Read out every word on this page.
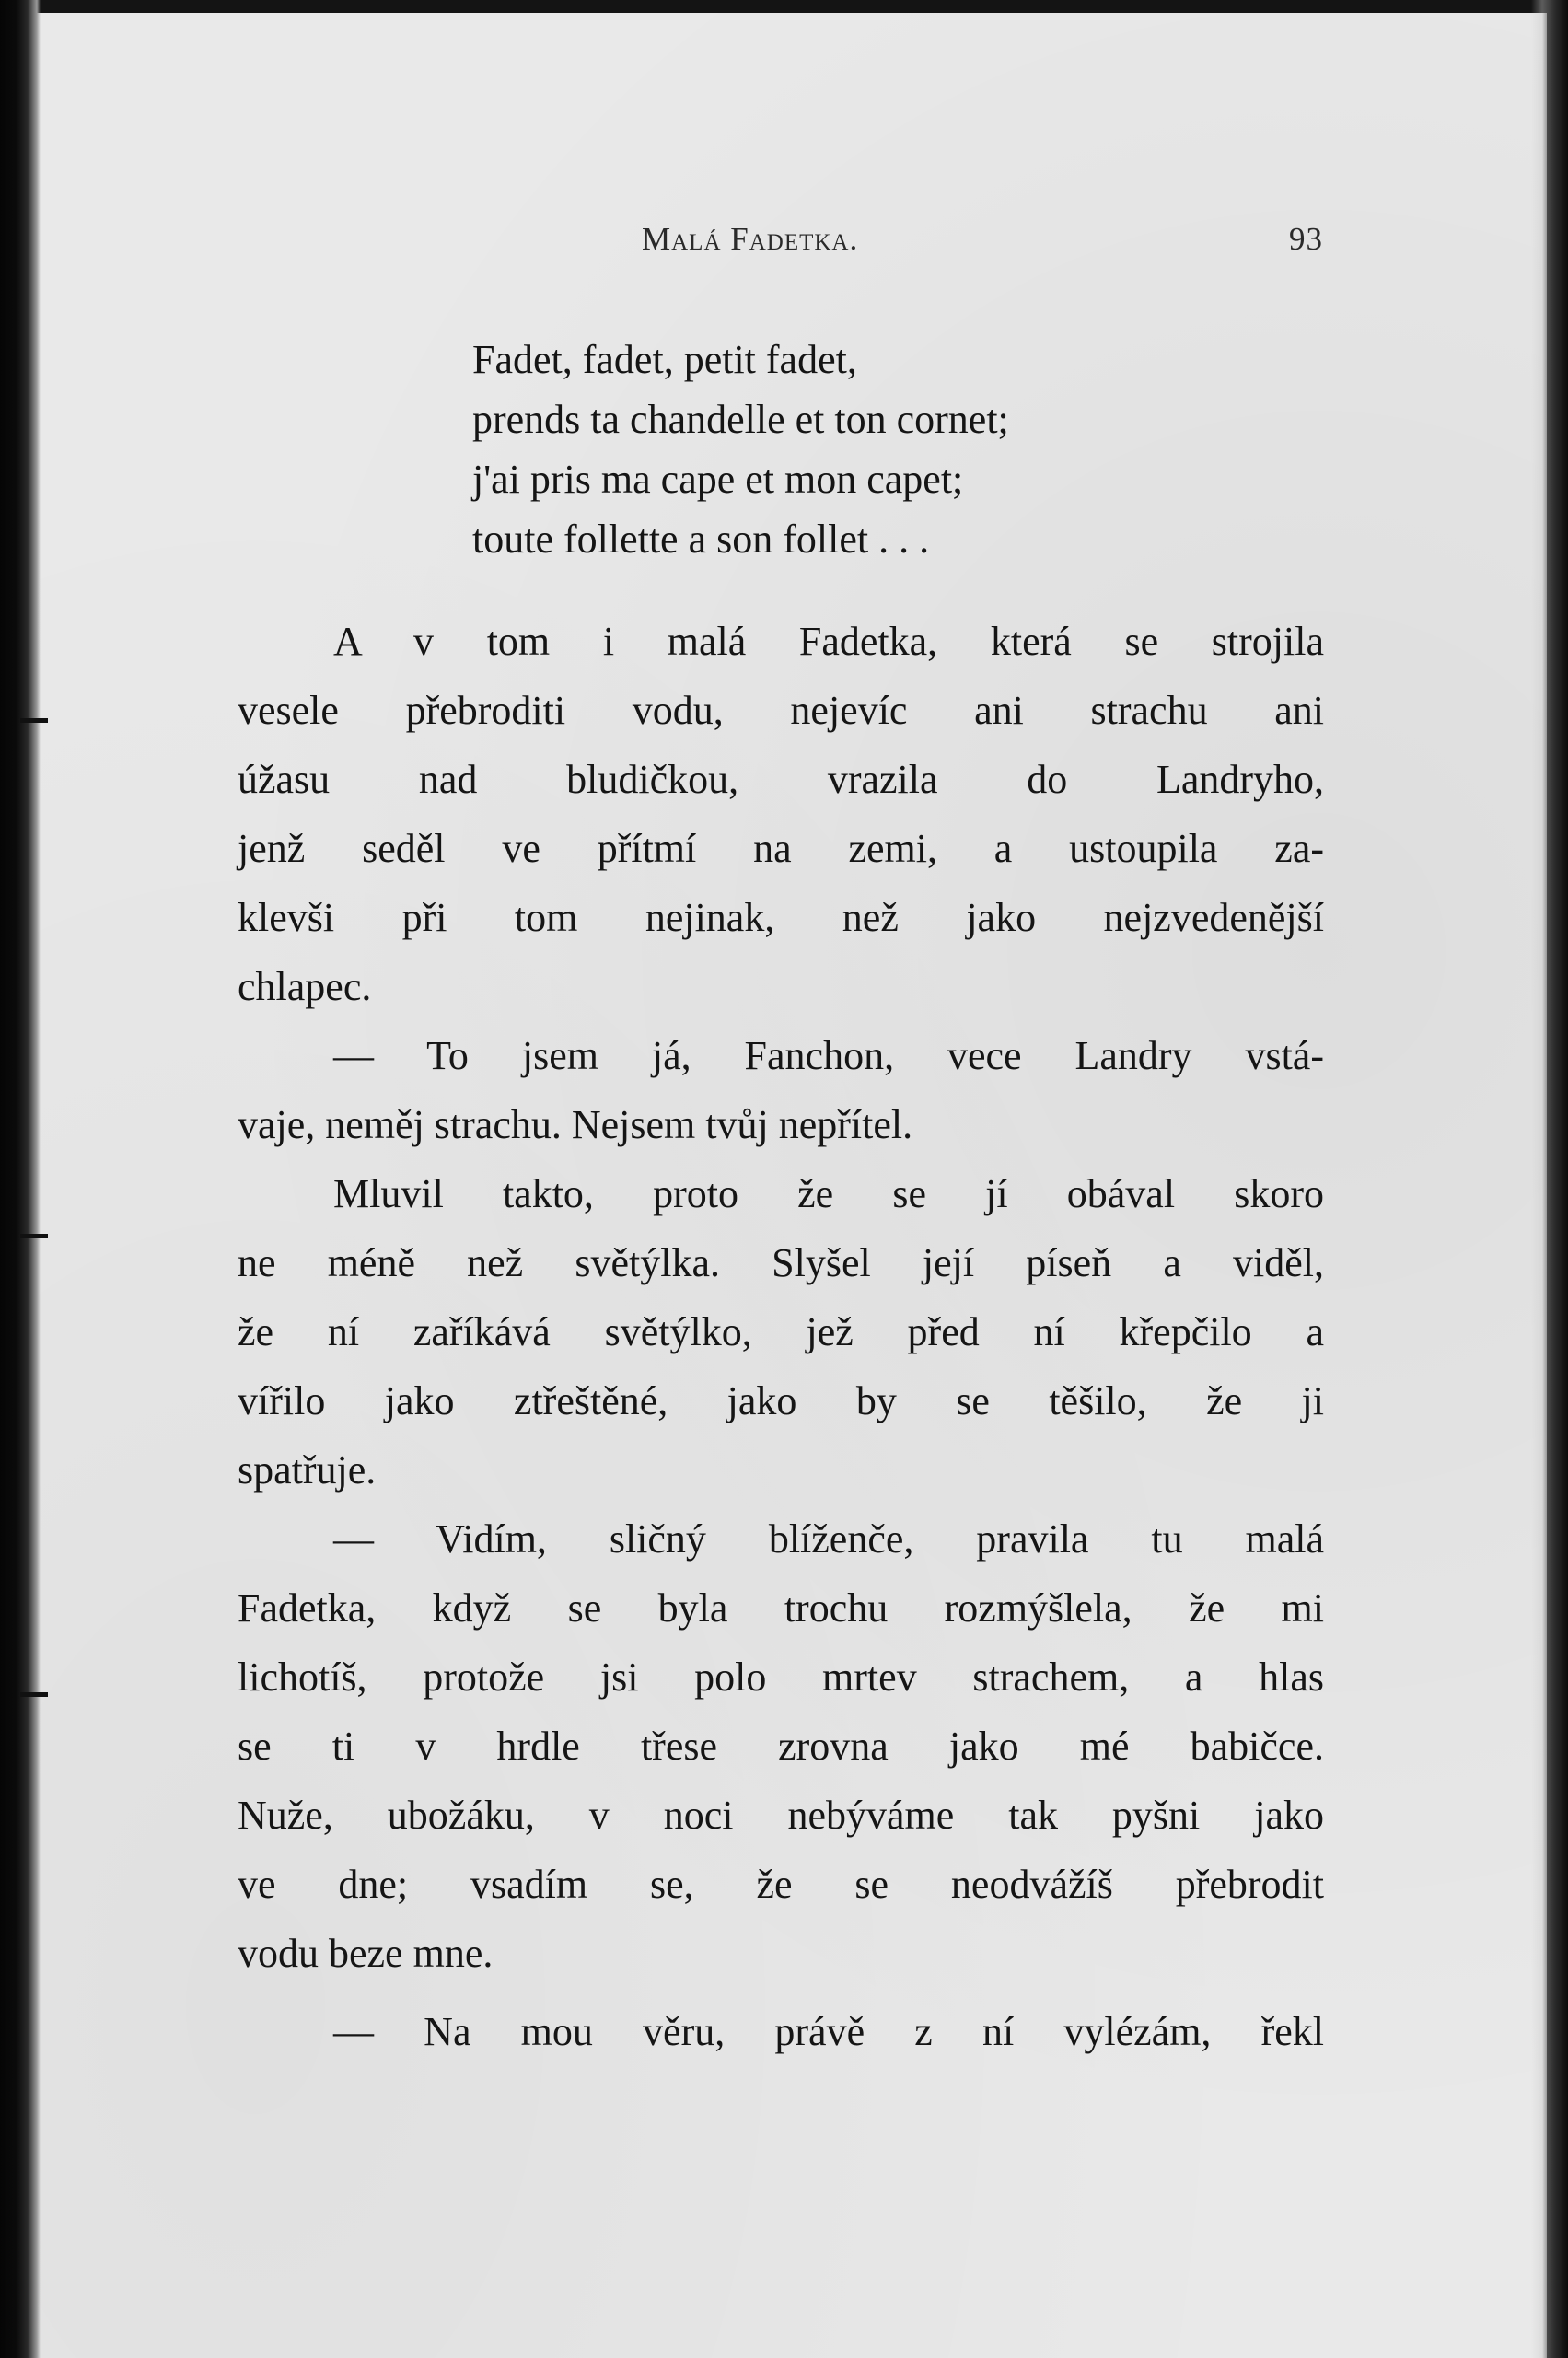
Malá Fadetka.	93
Fadet, fadet, petit fadet,
prends ta chandelle et ton cornet;
j'ai pris ma cape et mon capet;
toute follette a son follet . . .
A v tom i malá Fadetka, která se strojila
vesele přebroditi vodu, nejevíc ani strachu ani
úžasu nad bludičkou, vrazila do Landryho,
jenž seděl ve přítmí na zemi, a ustoupila za-
klevši při tom nejinak, než jako nejzvedenější
chlapec.
— To jsem já, Fanchon, vece Landry vstá-
vaje, neměj strachu. Nejsem tvůj nepřítel.
Mluvil takto, proto že se jí obával skoro
ne méně než světýlka. Slyšel její píseň a viděl,
že ní zaříkává světýlko, jež před ní křepčilo a
vířilo jako ztřeštěné, jako by se těšilo, že ji
spatřuje.
— Vidím, sličný blíženče, pravila tu malá
Fadetka, když se byla trochu rozmýšlela, že mi
lichotíš, protože jsi polo mrtev strachem, a hlas
se ti v hrdle třese zrovna jako mé babičce.
Nuže, ubožáku, v noci nebýváme tak pyšni jako
ve dne; vsadím se, že se neodvážíš přebrodit
vodu beze mne.
— Na mou věru, právě z ní vylézám, řekl
